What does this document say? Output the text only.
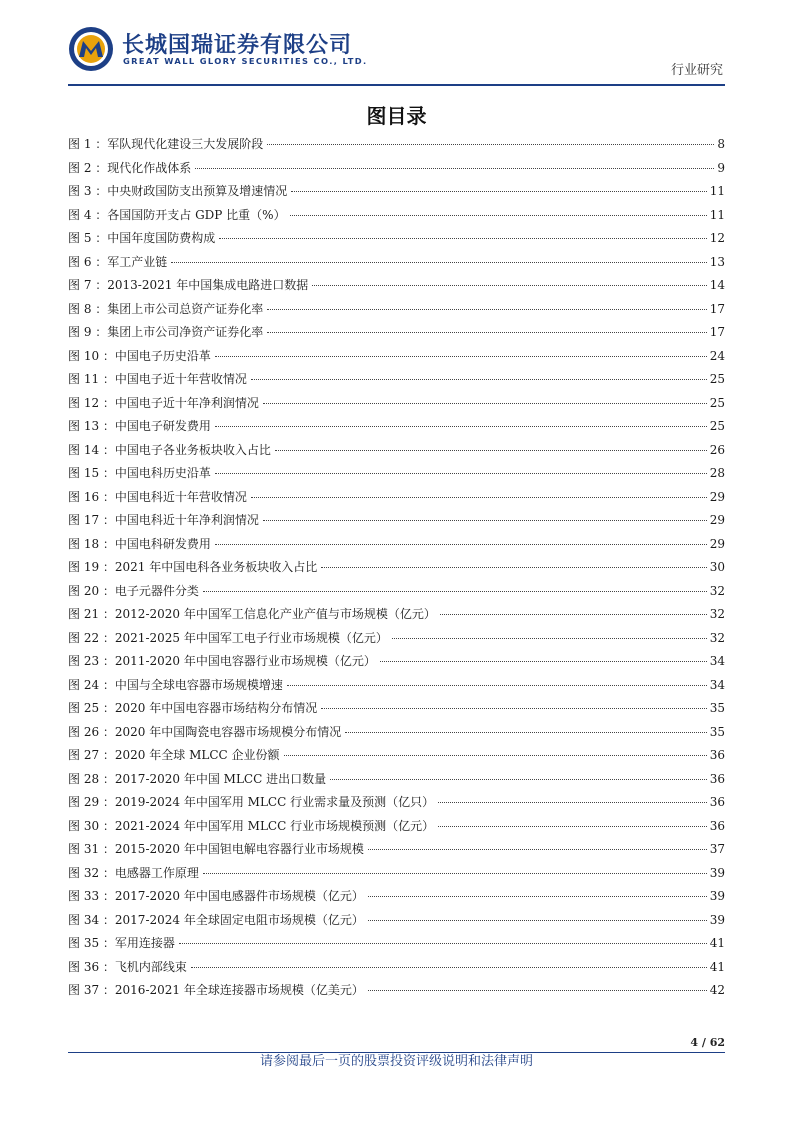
长城国瑞证券有限公司
GREAT WALL GLORY SECURITIES CO., LTD.
行业研究
图目录
图 1 ：军队现代化建设三大发展阶段	8
图 2 ：现代化作战体系	9
图 3 ：中央财政国防支出预算及增速情况	11
图 4 ：各国国防开支占 GDP 比重（%）	11
图 5 ：中国年度国防费构成	12
图 6 ：军工产业链	13
图 7 ：2013-2021 年中国集成电路进口数据	14
图 8 ：集团上市公司总资产证券化率	17
图 9 ：集团上市公司净资产证券化率	17
图 10 ：中国电子历史沿革	24
图 11 ：中国电子近十年营收情况	25
图 12 ：中国电子近十年净利润情况	25
图 13 ：中国电子研发费用	25
图 14 ：中国电子各业务板块收入占比	26
图 15 ：中国电科历史沿革	28
图 16 ：中国电科近十年营收情况	29
图 17 ：中国电科近十年净利润情况	29
图 18 ：中国电科研发费用	29
图 19 ：2021 年中国电科各业务板块收入占比	30
图 20 ：电子元器件分类	32
图 21 ：2012-2020 年中国军工信息化产业产值与市场规模（亿元）	32
图 22 ：2021-2025 年中国军工电子行业市场规模（亿元）	32
图 23 ：2011-2020 年中国电容器行业市场规模（亿元）	34
图 24 ：中国与全球电容器市场规模增速	34
图 25 ：2020 年中国电容器市场结构分布情况	35
图 26 ：2020 年中国陶瓷电容器市场规模分布情况	35
图 27 ：2020 年全球 MLCC 企业份额	36
图 28 ：2017-2020 年中国 MLCC 进出口数量	36
图 29 ：2019-2024 年中国军用 MLCC 行业需求量及预测（亿只）	36
图 30 ：2021-2024 年中国军用 MLCC 行业市场规模预测（亿元）	36
图 31 ：2015-2020 年中国钽电解电容器行业市场规模	37
图 32 ：电感器工作原理	39
图 33 ：2017-2020 年中国电感器件市场规模（亿元）	39
图 34 ：2017-2024 年全球固定电阻市场规模（亿元）	39
图 35 ：军用连接器	41
图 36 ：飞机内部线束	41
图 37 ：2016-2021 年全球连接器市场规模（亿美元）	42
4 / 62
请参阅最后一页的股票投资评级说明和法律声明
